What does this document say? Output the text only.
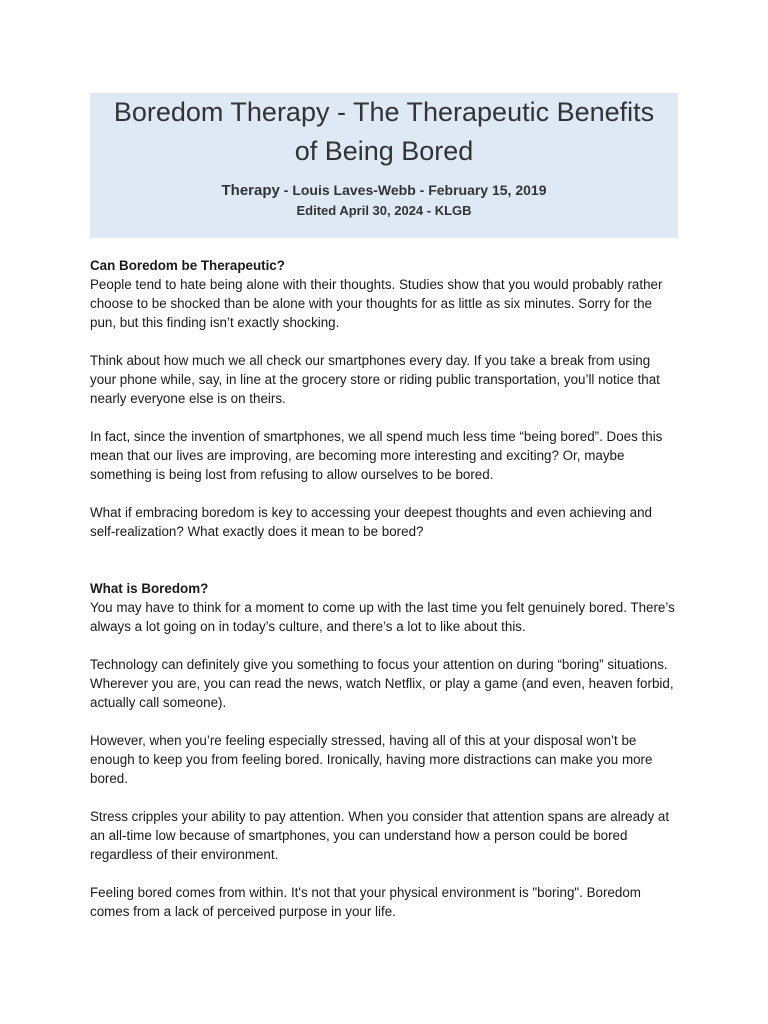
Boredom Therapy - The Therapeutic Benefits
of Being Bored
Therapy - Louis Laves-Webb - February 15, 2019
Edited April 30, 2024 - KLGB
Can Boredom be Therapeutic?

People tend to hate being alone with their thoughts. Studies show that you would probably rather choose to be shocked than be alone with your thoughts for as little as six minutes. Sorry for the pun, but this finding isn’t exactly shocking.

Think about how much we all check our smartphones every day. If you take a break from using your phone while, say, in line at the grocery store or riding public transportation, you’ll notice that nearly everyone else is on theirs.

In fact, since the invention of smartphones, we all spend much less time “being bored”. Does this mean that our lives are improving, are becoming more interesting and exciting? Or, maybe something is being lost from refusing to allow ourselves to be bored.

What if embracing boredom is key to accessing your deepest thoughts and even achieving and self-realization? What exactly does it mean to be bored?

What is Boredom?

You may have to think for a moment to come up with the last time you felt genuinely bored. There’s always a lot going on in today’s culture, and there’s a lot to like about this.

Technology can definitely give you something to focus your attention on during “boring” situations. Wherever you are, you can read the news, watch Netflix, or play a game (and even, heaven forbid, actually call someone).

However, when you’re feeling especially stressed, having all of this at your disposal won’t be enough to keep you from feeling bored. Ironically, having more distractions can make you more bored.

Stress cripples your ability to pay attention. When you consider that attention spans are already at an all-time low because of smartphones, you can understand how a person could be bored regardless of their environment.

Feeling bored comes from within. It's not that your physical environment is "boring". Boredom comes from a lack of perceived purpose in your life.
